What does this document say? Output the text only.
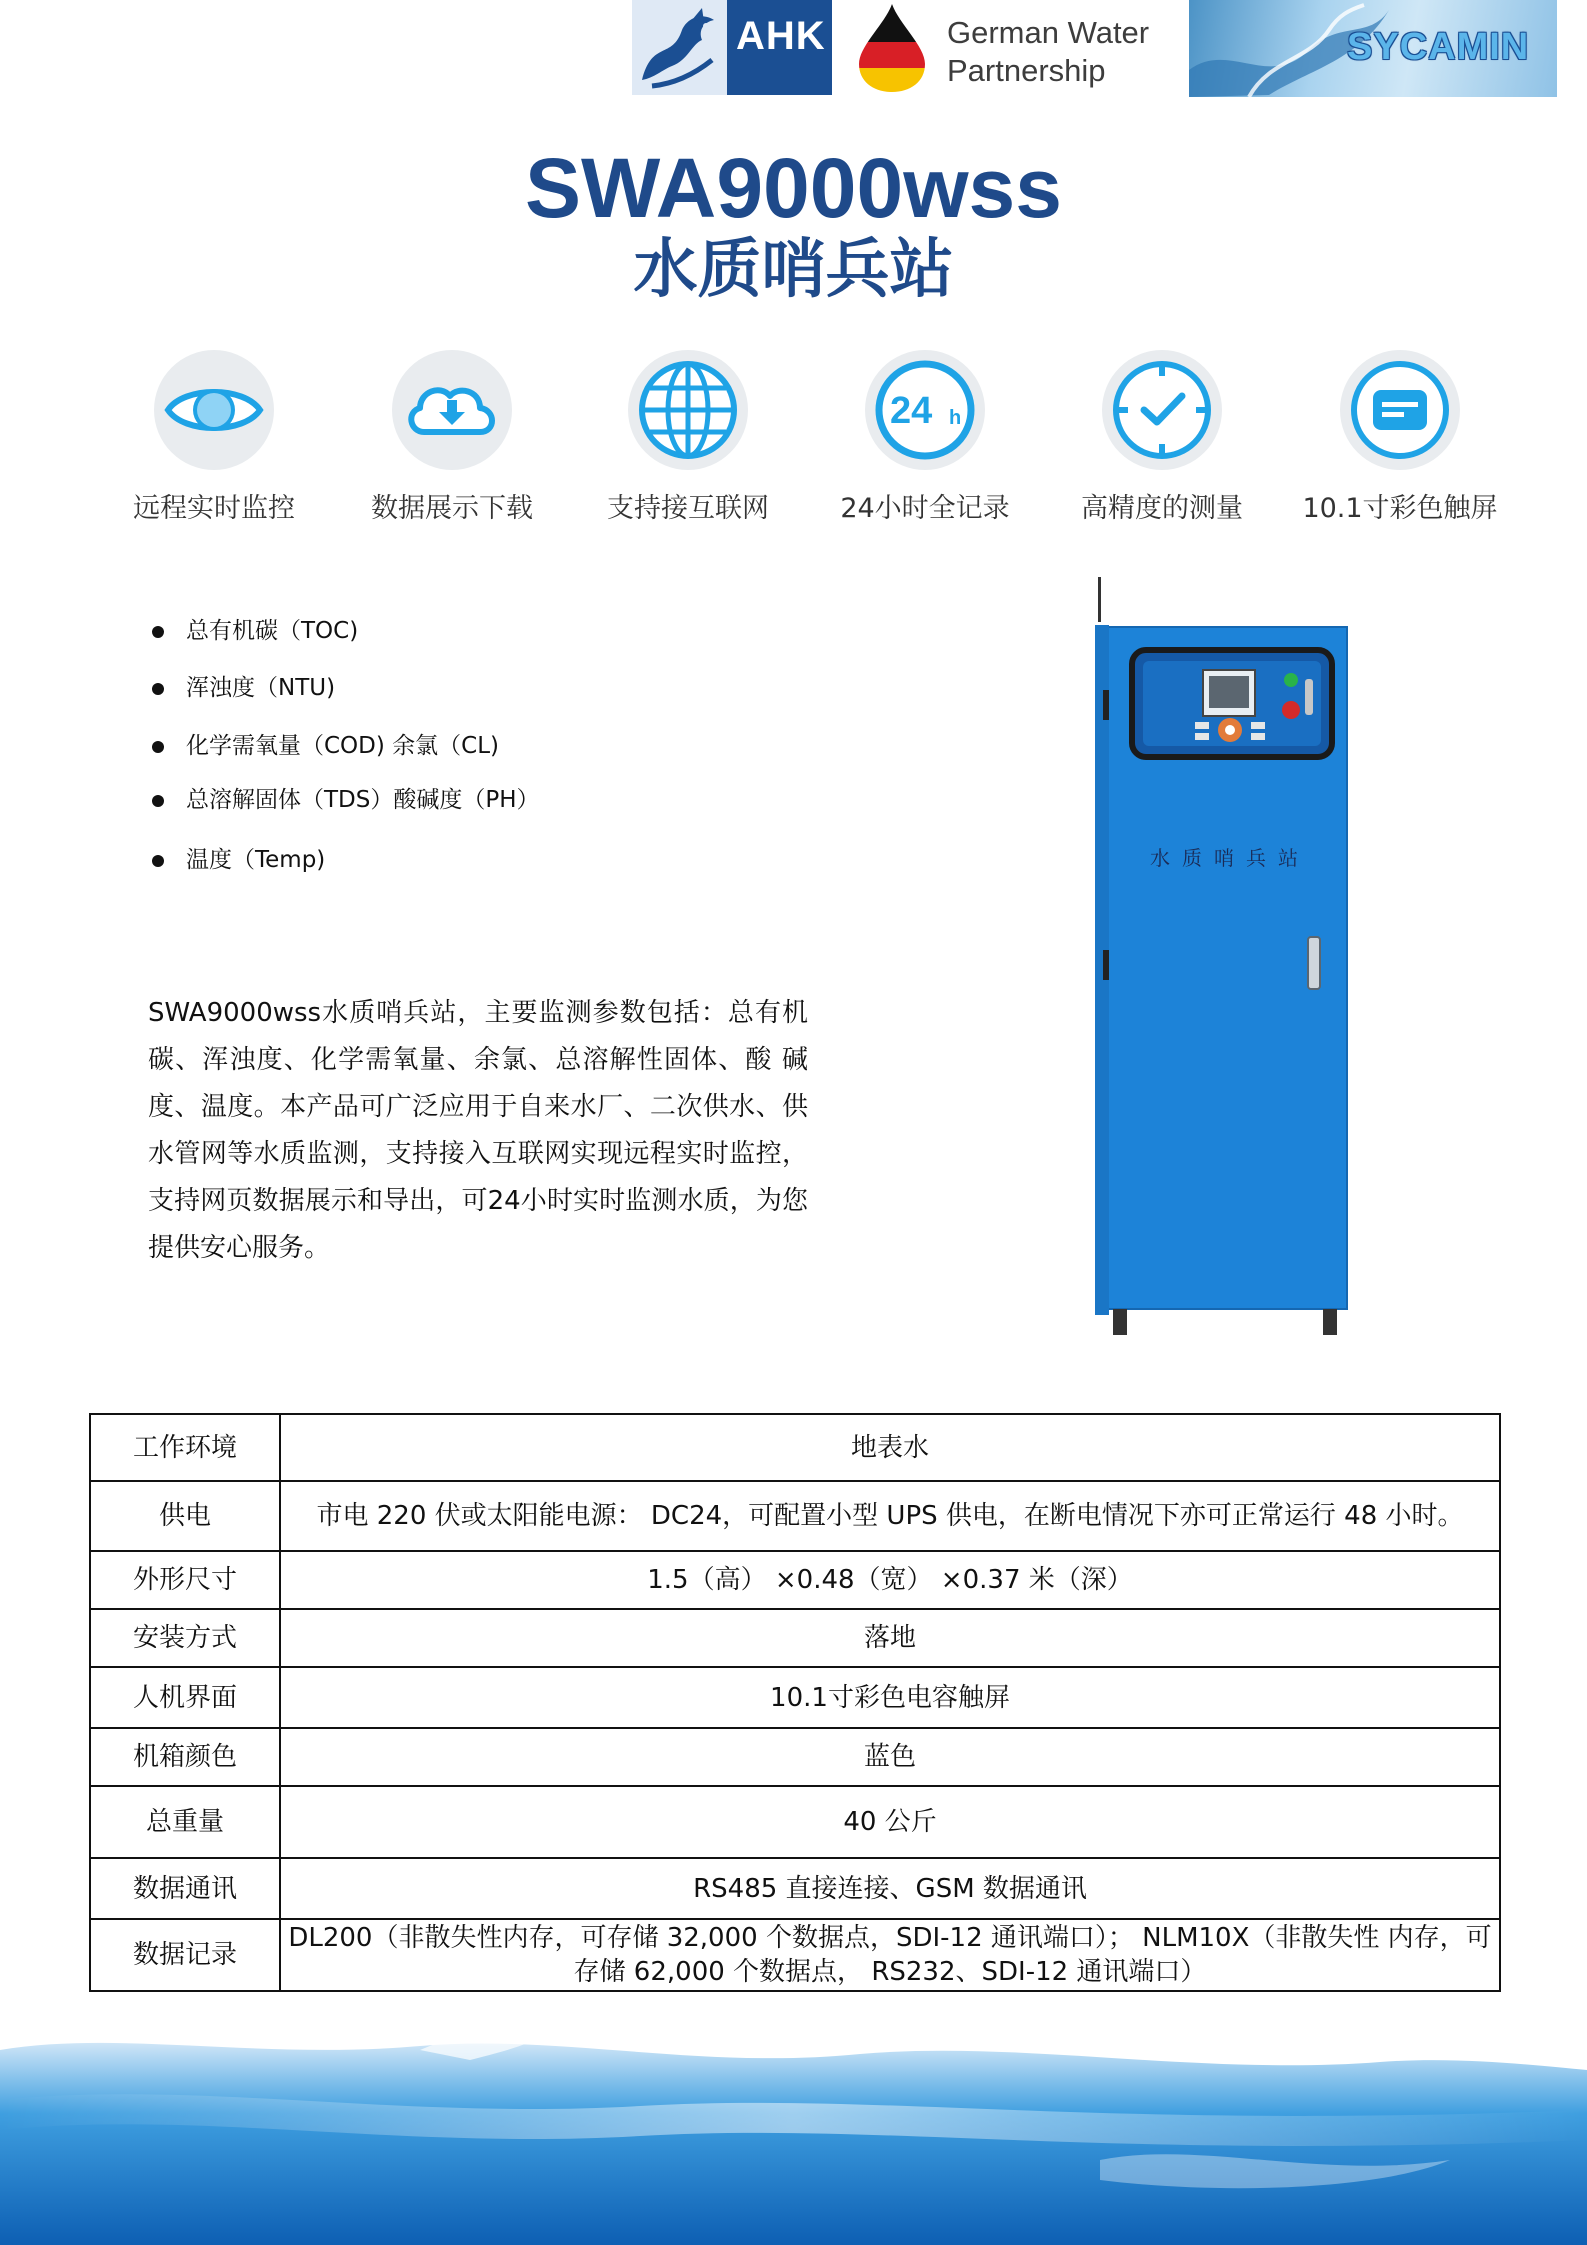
AHK	German Water
Partnership
SYCAMIN
SWA9000wss
水质哨兵站
远程实时监控	数据展示下载	支持接互联网
24 h
24小时全记录	高精度的测量	10.1寸彩色触屏
总有机碳（TOC)
浑浊度（NTU)
化学需氧量（COD) 余氯（CL)
总溶解固体（TDS）酸碱度（PH）
温度（Temp)
SWA9000wss水质哨兵站，主要监测参数包括：总有机碳、浑浊度、化学需氧量、余氯、总溶解性固体、酸 碱度、温度。本产品可广泛应用于自来水厂、二次供水、供水管网等水质监测，支持接入互联网实现远程实时监控，支持网页数据展示和导出，可24小时实时监测水质，为您提供安心服务。
水质哨兵站
工作环境	地表水
供电	市电 220 伏或太阳能电源： DC24，可配置小型 UPS 供电，在断电情况下亦可正常运行 48 小时。
外形尺寸	1.5（高） ×0.48（宽） ×0.37 米（深）
安装方式	落地
人机界面	10.1寸彩色电容触屏
机箱颜色	蓝色
总重量	40 公斤
数据通讯	RS485 直接连接、GSM 数据通讯
数据记录	DL200（非散失性内存，可存储 32,000 个数据点，SDI-12 通讯端口）； NLM10X（非散失性 内存，可存储 62,000 个数据点， RS232、SDI-12 通讯端口）
